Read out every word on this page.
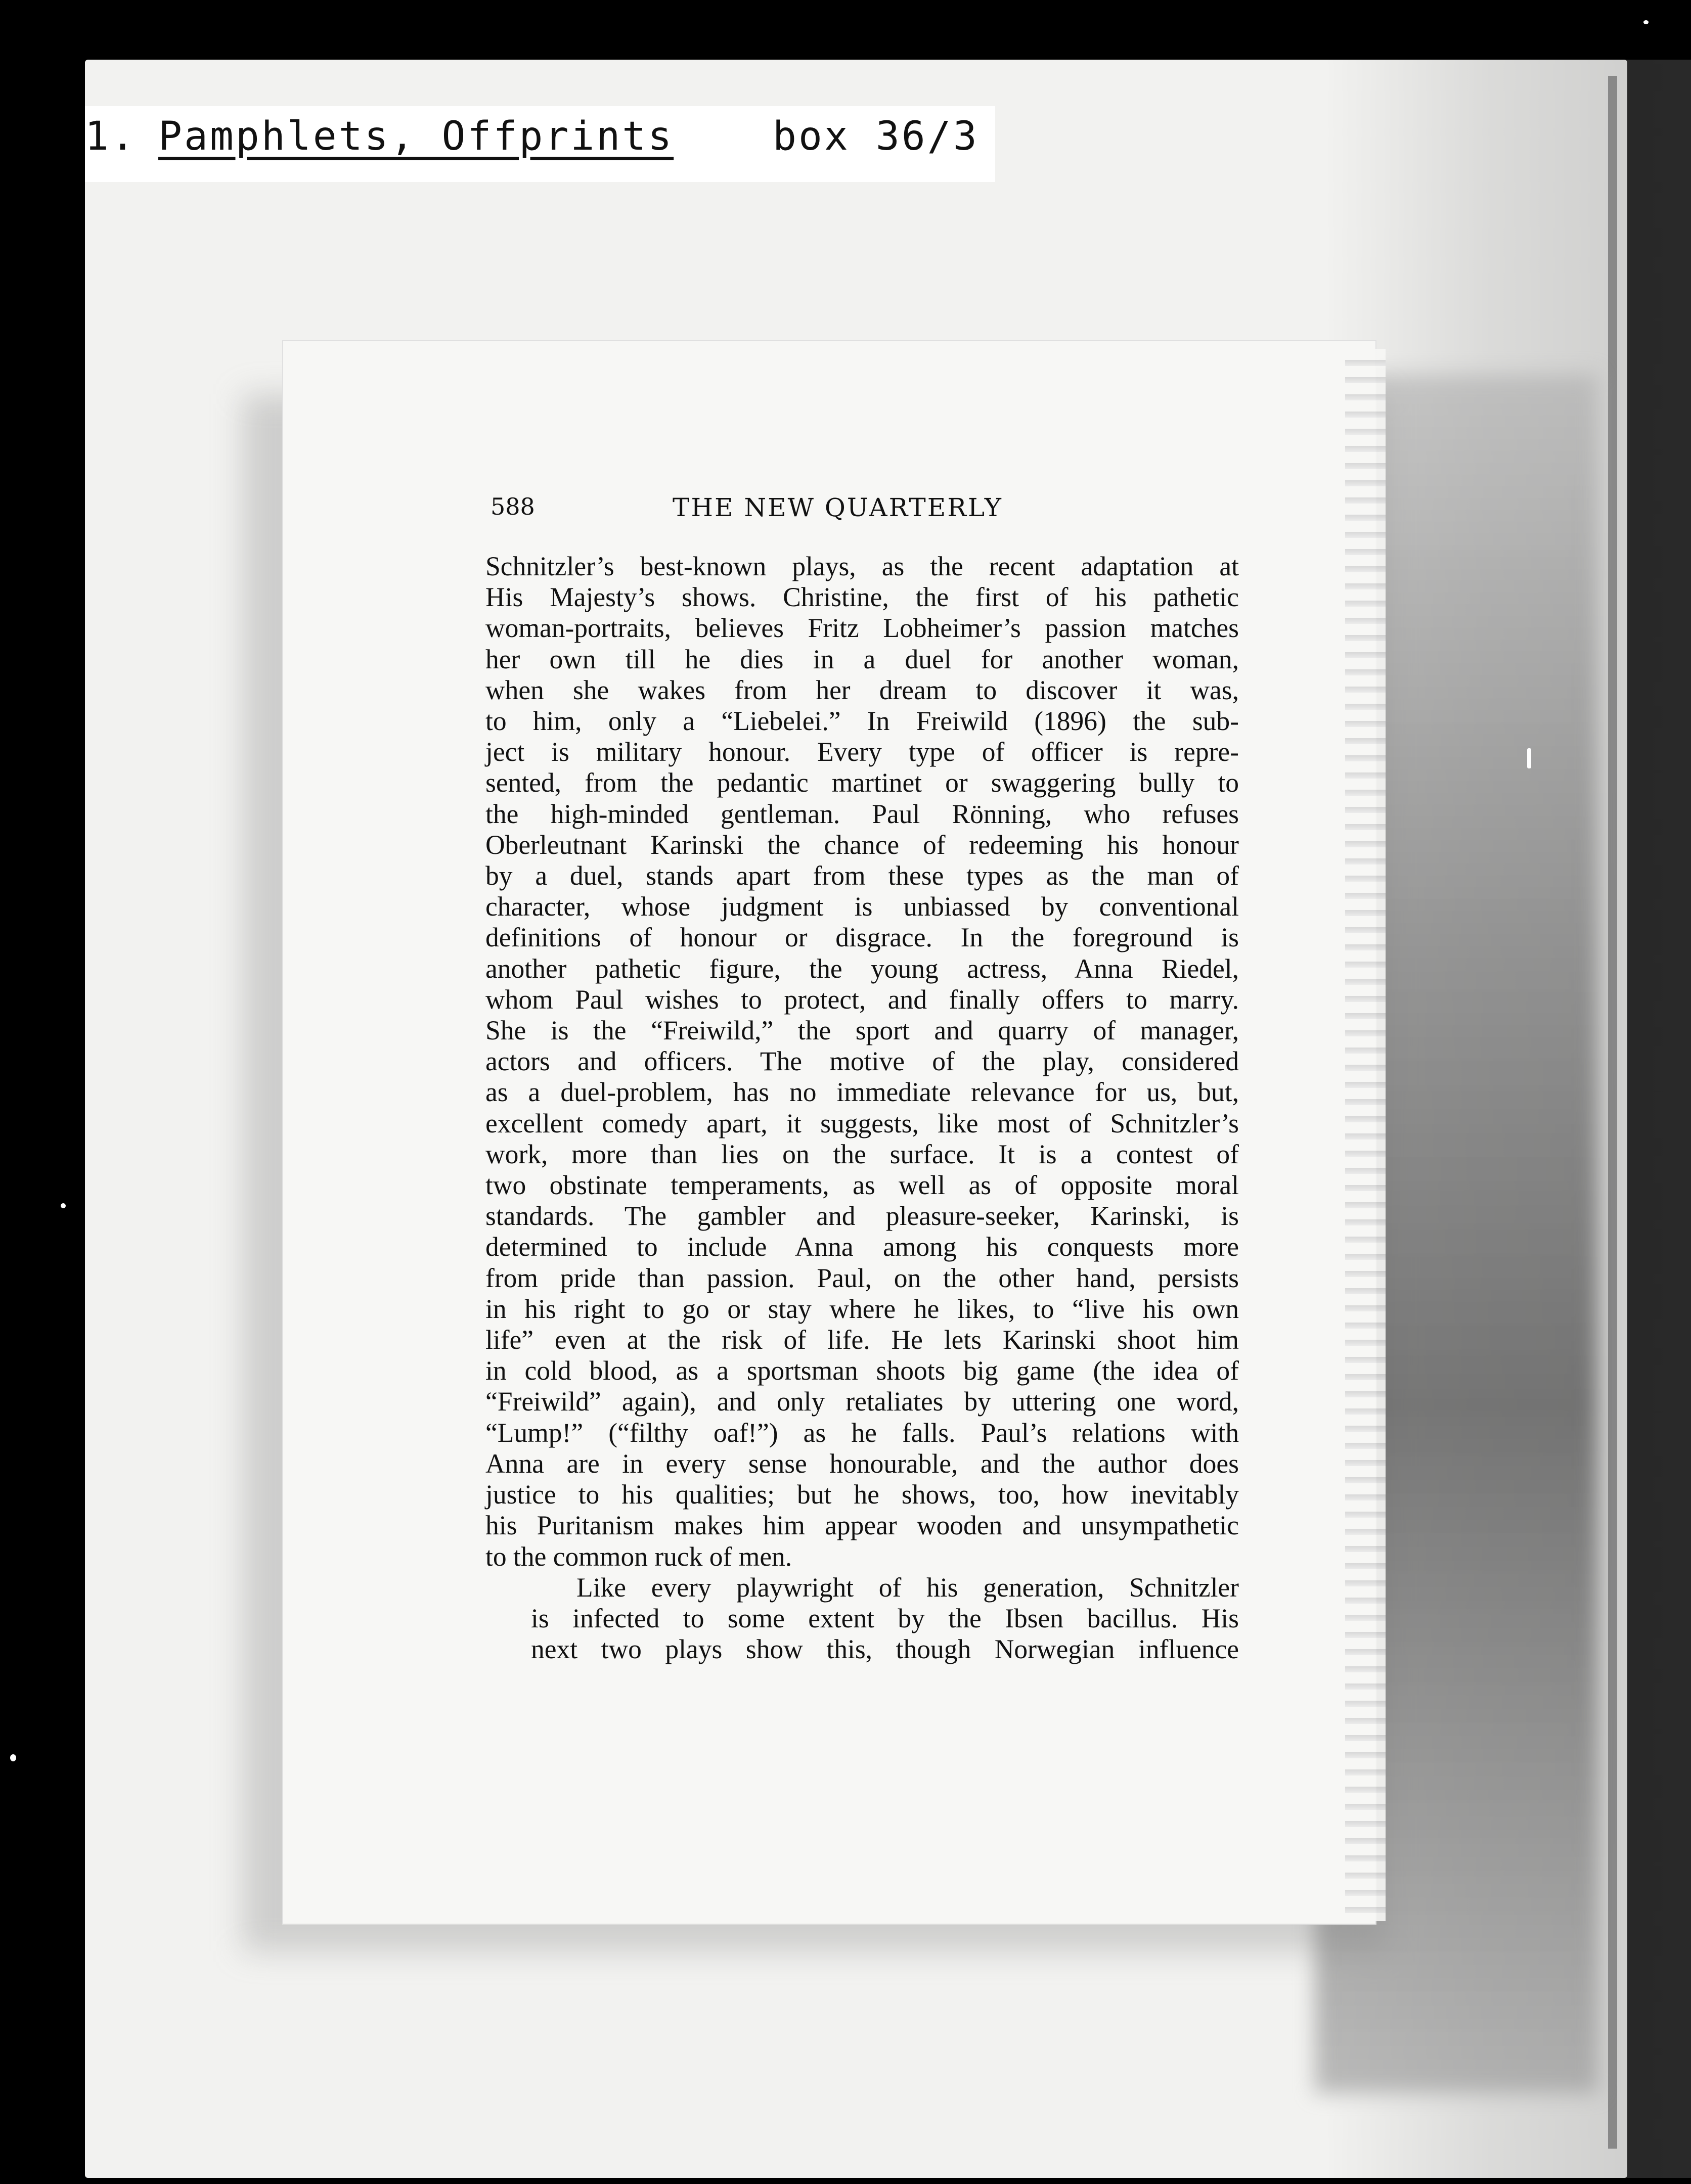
1.

Pamphlets, Offprints

	box 36/3

588	THE NEW QUARTERLY
Schnitzler’s best-known plays, as the recent adaptation at
His Majesty’s shows. Christine, the first of his pathetic
woman-portraits, believes Fritz Lobheimer’s passion matches
her own till he dies in a duel for another woman,
when she wakes from her dream to discover it was,
to him, only a “Liebelei.” In Freiwild (1896) the sub-
ject is military honour. Every type of officer is repre-
sented, from the pedantic martinet or swaggering bully to
the high-minded gentleman. Paul Rönning, who refuses
Oberleutnant Karinski the chance of redeeming his honour
by a duel, stands apart from these types as the man of
character, whose judgment is unbiassed by conventional
definitions of honour or disgrace. In the foreground is
another pathetic figure, the young actress, Anna Riedel,
whom Paul wishes to protect, and finally offers to marry.
She is the “Freiwild,” the sport and quarry of manager,
actors and officers. The motive of the play, considered
as a duel-problem, has no immediate relevance for us, but,
excellent comedy apart, it suggests, like most of Schnitzler’s
work, more than lies on the surface. It is a contest of
two obstinate temperaments, as well as of opposite moral
standards. The gambler and pleasure-seeker, Karinski, is
determined to include Anna among his conquests more
from pride than passion. Paul, on the other hand, persists
in his right to go or stay where he likes, to “live his own
life” even at the risk of life. He lets Karinski shoot him
in cold blood, as a sportsman shoots big game (the idea of
“Freiwild” again), and only retaliates by uttering one word,
“Lump!” (“filthy oaf!”) as he falls. Paul’s relations with
Anna are in every sense honourable, and the author does
justice to his qualities; but he shows, too, how inevitably
his Puritanism makes him appear wooden and unsympathetic
to the common ruck of men.
Like every playwright of his generation, Schnitzler
is infected to some extent by the Ibsen bacillus. His
next two plays show this, though Norwegian influence
